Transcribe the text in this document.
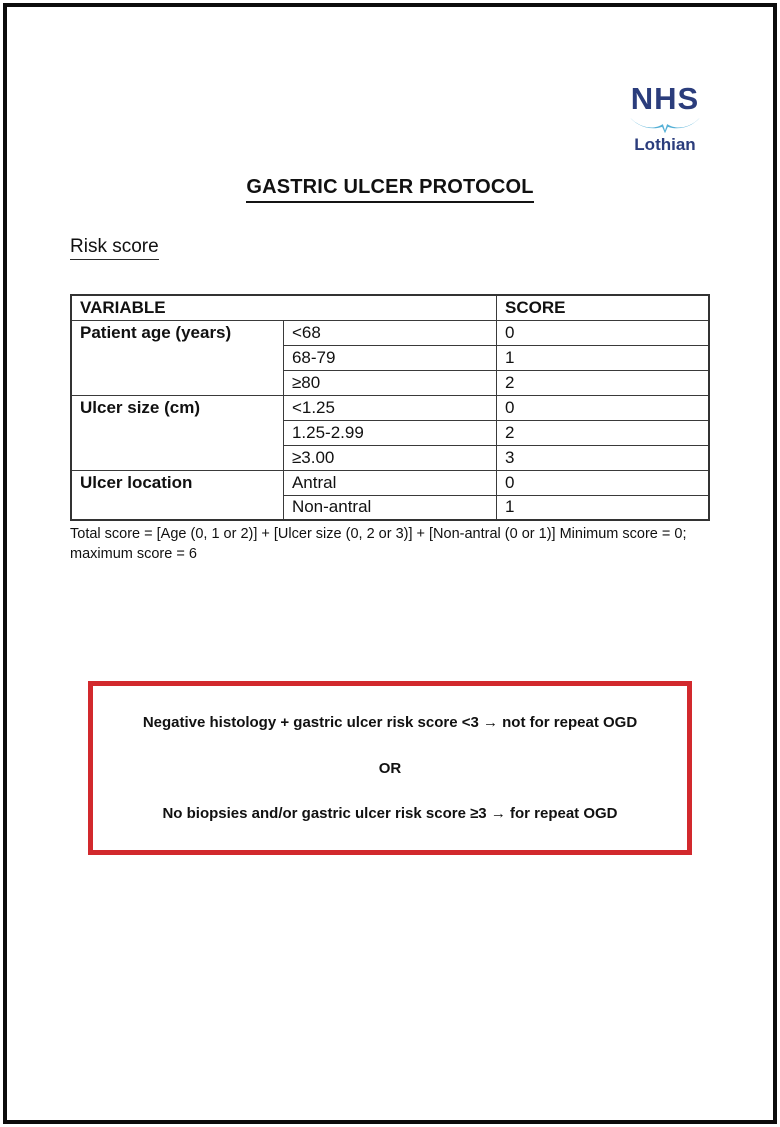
NHS
Lothian
GASTRIC ULCER PROTOCOL
Risk score
VARIABLE		SCORE
Patient age (years)	<68	0
	68-79	1
	≥80	2
Ulcer size (cm)	<1.25	0
	1.25-2.99	2
	≥3.00	3
Ulcer location	Antral	0
	Non-antral	1
Total score = [Age (0, 1 or 2)] + [Ulcer size (0, 2 or 3)] + [Non-antral (0 or 1)] Minimum score = 0; maximum score = 6
Negative histology + gastric ulcer risk score <3 → not for repeat OGD
OR
No biopsies and/or gastric ulcer risk score ≥3 → for repeat OGD
